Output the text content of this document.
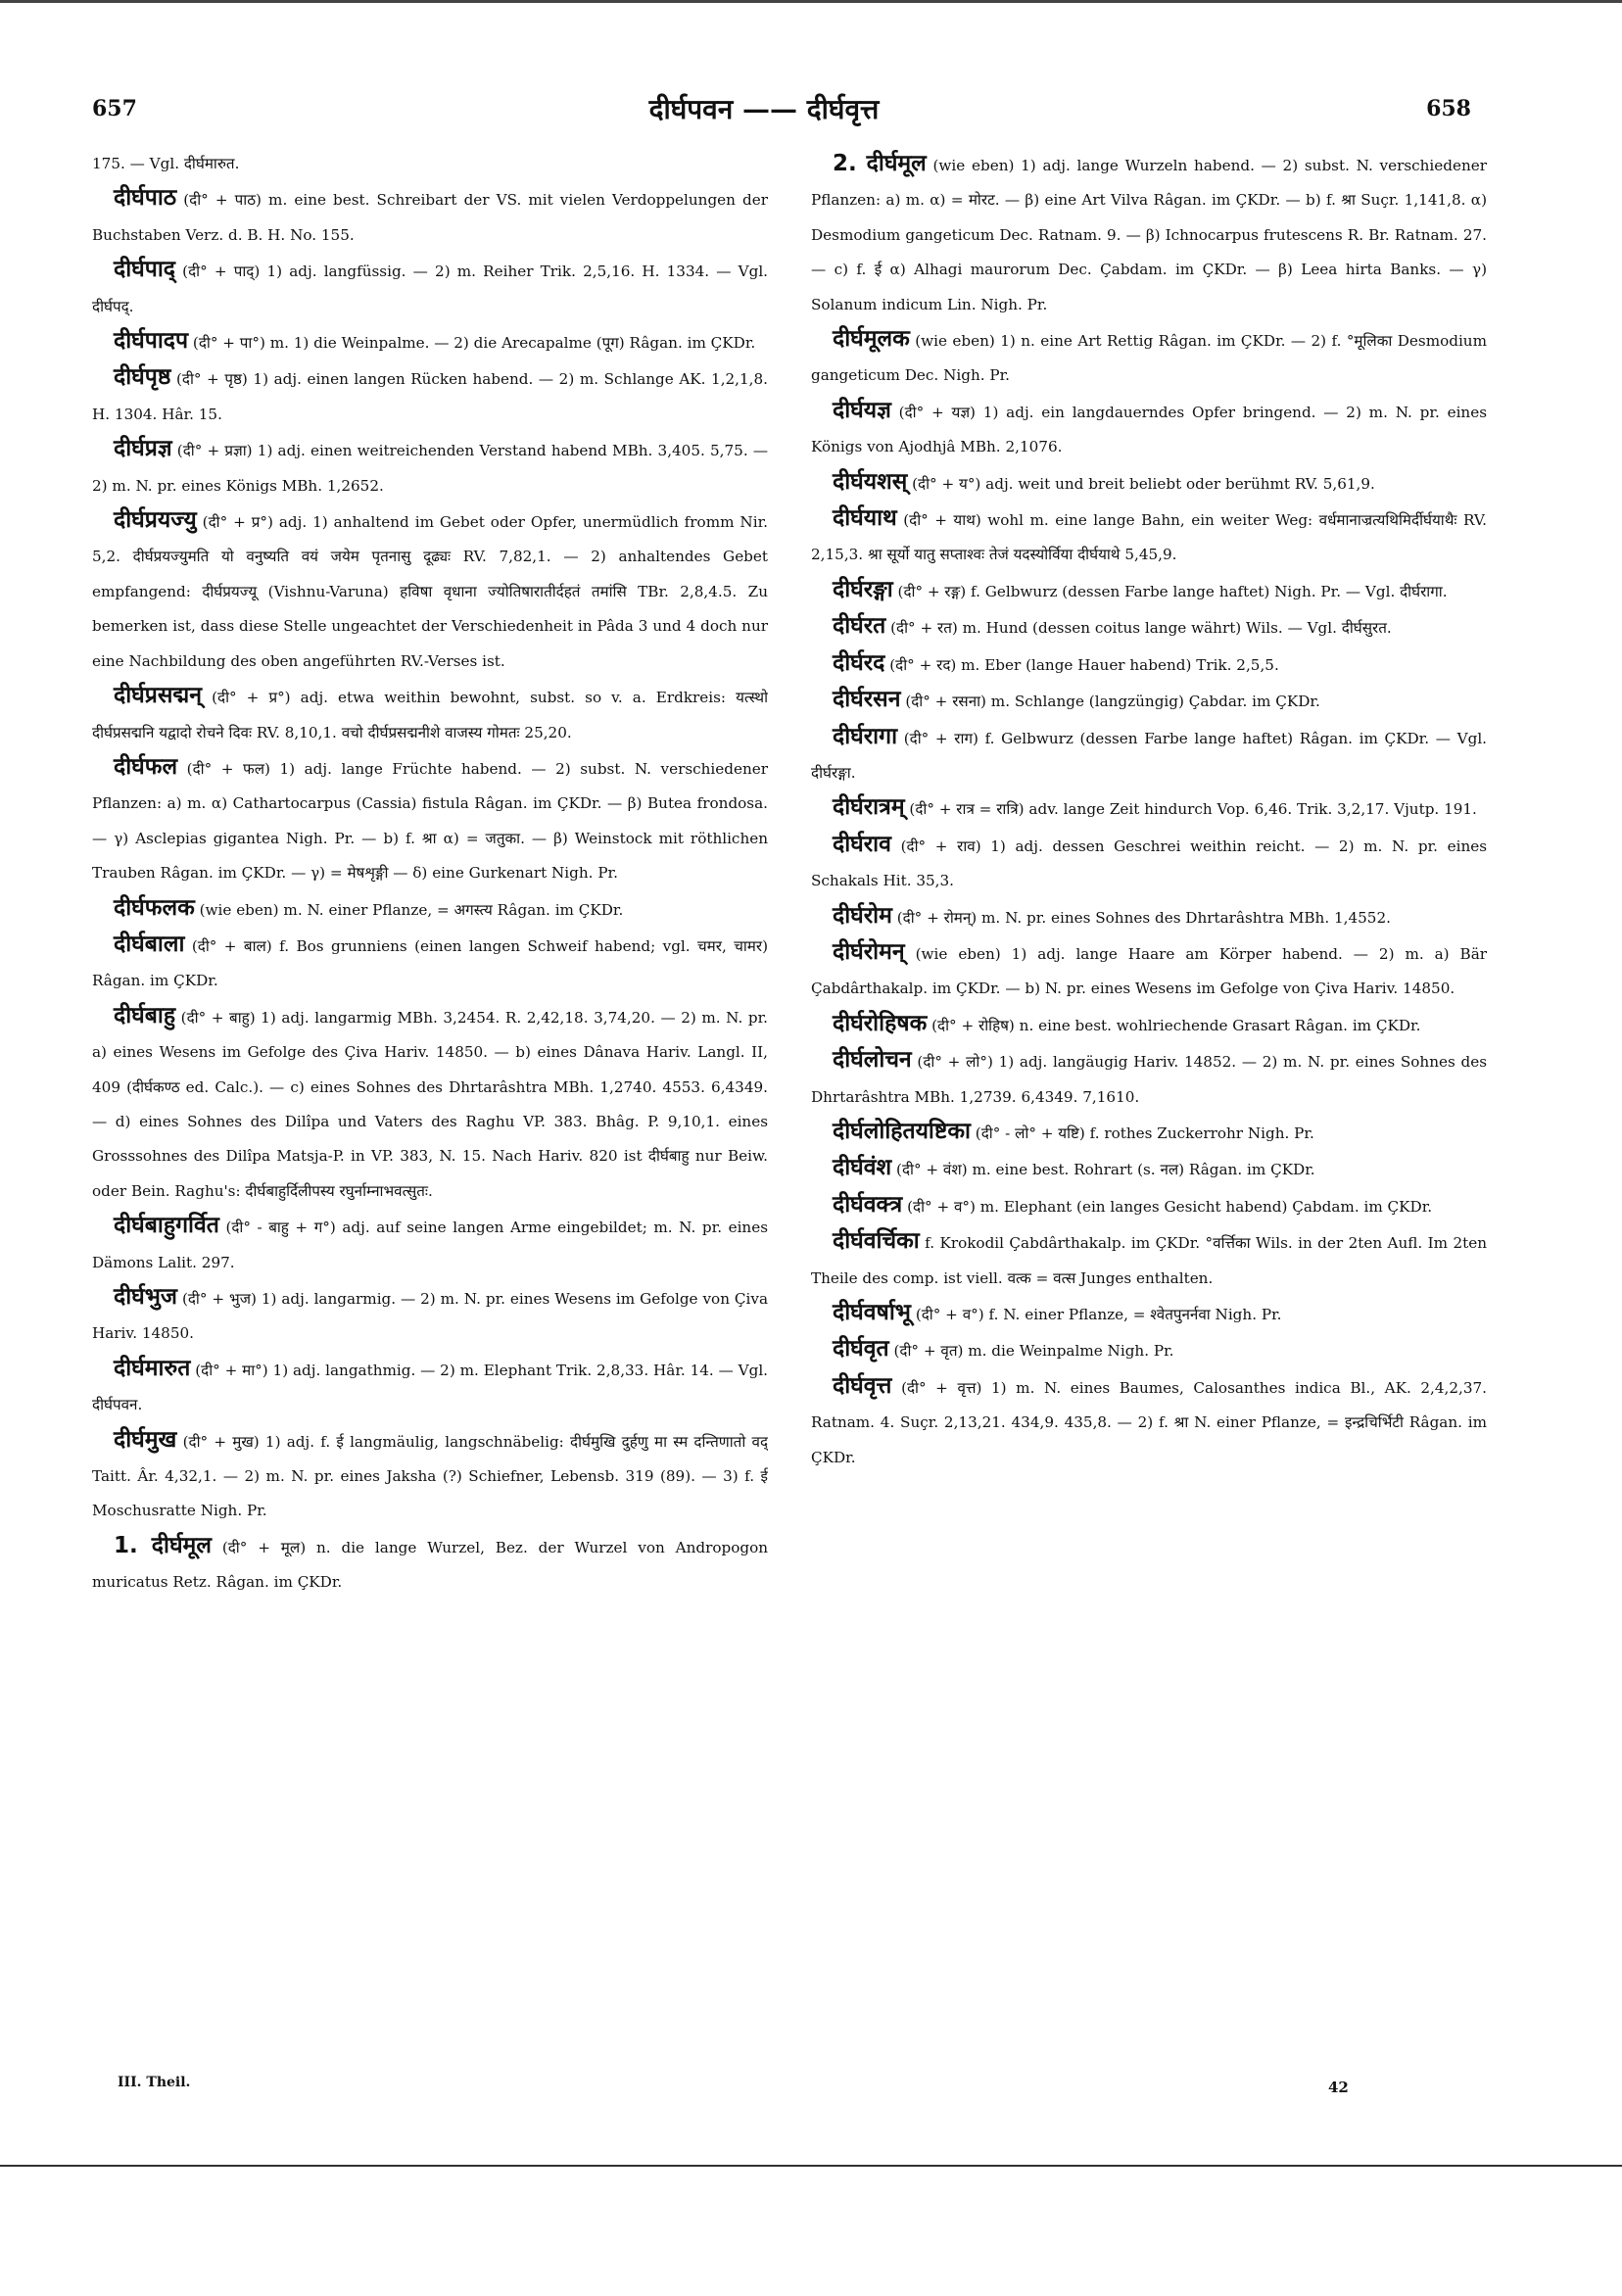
657	दीर्घपवन —— दीर्घवृत्त	658

175. — Vgl. दीर्घमारुत.

दीर्घपाठ (दी° + पाठ) m. eine best. Schreibart der VS. mit vielen Verdoppelungen der Buchstaben Verz. d. B. H. No. 155.

दीर्घपाद् (दी° + पाद्) 1) adj. langfüssig. — 2) m. Reiher Trik. 2,5,16. H. 1334. — Vgl. दीर्घपद्.

दीर्घपादप (दी° + पा°) m. 1) die Weinpalme. — 2) die Arecapalme (पूग) Râgan. im ÇKDr.

दीर्घपृष्ठ (दी° + पृष्ठ) 1) adj. einen langen Rücken habend. — 2) m. Schlange AK. 1,2,1,8. H. 1304. Hâr. 15.

दीर्घप्रज्ञ (दी° + प्रज्ञा) 1) adj. einen weitreichenden Verstand habend MBh. 3,405. 5,75. — 2) m. N. pr. eines Königs MBh. 1,2652.

दीर्घप्रयज्यु (दी° + प्र°) adj. 1) anhaltend im Gebet oder Opfer, unermüdlich fromm Nir. 5,2. दीर्घप्रयज्युमति यो वनुष्यति वयं जयेम पृतनासु दूढ्यः RV. 7,82,1. — 2) anhaltendes Gebet empfangend: दीर्घप्रयज्यू (Vishnu-Varuna) हविषा वृधाना ज्योतिषारातीर्दहतं तमांसि TBr. 2,8,4.5. Zu bemerken ist, dass diese Stelle ungeachtet der Verschiedenheit in Pâda 3 und 4 doch nur eine Nachbildung des oben angeführten RV.-Verses ist.

दीर्घप्रसद्मन् (दी° + प्र°) adj. etwa weithin bewohnt, subst. so v. a. Erdkreis: यत्स्थो दीर्घप्रसद्मनि यद्वादो रोचने दिवः RV. 8,10,1. वचो दीर्घप्रसद्मनीशे वाजस्य गोमतः 25,20.

दीर्घफल (दी° + फल) 1) adj. lange Früchte habend. — 2) subst. N. verschiedener Pflanzen: a) m. α) Cathartocarpus (Cassia) fistula Râgan. im ÇKDr. — β) Butea frondosa. — γ) Asclepias gigantea Nigh. Pr. — b) f. श्रा α) = जतुका. — β) Weinstock mit röthlichen Trauben Râgan. im ÇKDr. — γ) = मेषशृङ्गी — δ) eine Gurkenart Nigh. Pr.

दीर्घफलक (wie eben) m. N. einer Pflanze, = अगस्त्य Râgan. im ÇKDr.

दीर्घबाला (दी° + बाल) f. Bos grunniens (einen langen Schweif habend; vgl. चमर, चामर) Râgan. im ÇKDr.

दीर्घबाहु (दी° + बाहु) 1) adj. langarmig MBh. 3,2454. R. 2,42,18. 3,74,20. — 2) m. N. pr. a) eines Wesens im Gefolge des Çiva Hariv. 14850. — b) eines Dânava Hariv. Langl. II, 409 (दीर्घकण्ठ ed. Calc.). — c) eines Sohnes des Dhrtarâshtra MBh. 1,2740. 4553. 6,4349. — d) eines Sohnes des Dilîpa und Vaters des Raghu VP. 383. Bhâg. P. 9,10,1. eines Grosssohnes des Dilîpa Matsja-P. in VP. 383, N. 15. Nach Hariv. 820 ist दीर्घबाहु nur Beiw. oder Bein. Raghu's: दीर्घबाहुर्दिलीपस्य रघुर्नाम्नाभवत्सुतः.

दीर्घबाहुगर्वित (दी° - बाहु + ग°) adj. auf seine langen Arme eingebildet; m. N. pr. eines Dämons Lalit. 297.

दीर्घभुज (दी° + भुज) 1) adj. langarmig. — 2) m. N. pr. eines Wesens im Gefolge von Çiva Hariv. 14850.

दीर्घमारुत (दी° + मा°) 1) adj. langathmig. — 2) m. Elephant Trik. 2,8,33. Hâr. 14. — Vgl. दीर्घपवन.

दीर्घमुख (दी° + मुख) 1) adj. f. ई langmäulig, langschnäbelig: दीर्घमुखि दुर्हणु मा स्म दन्तिणातो वद् Taitt. Âr. 4,32,1. — 2) m. N. pr. eines Jaksha (?) Schiefner, Lebensb. 319 (89). — 3) f. ई Moschusratte Nigh. Pr.

1. दीर्घमूल (दी° + मूल) n. die lange Wurzel, Bez. der Wurzel von Andropogon muricatus Retz. Râgan. im ÇKDr.

2. दीर्घमूल (wie eben) 1) adj. lange Wurzeln habend. — 2) subst. N. verschiedener Pflanzen: a) m. α) = मोरट. — β) eine Art Vilva Râgan. im ÇKDr. — b) f. श्रा Suçr. 1,141,8. α) Desmodium gangeticum Dec. Ratnam. 9. — β) Ichnocarpus frutescens R. Br. Ratnam. 27. — c) f. ई α) Alhagi maurorum Dec. Çabdam. im ÇKDr. — β) Leea hirta Banks. — γ) Solanum indicum Lin. Nigh. Pr.

दीर्घमूलक (wie eben) 1) n. eine Art Rettig Râgan. im ÇKDr. — 2) f. °मूलिका Desmodium gangeticum Dec. Nigh. Pr.

दीर्घयज्ञ (दी° + यज्ञ) 1) adj. ein langdauerndes Opfer bringend. — 2) m. N. pr. eines Königs von Ajodhjâ MBh. 2,1076.

दीर्घयशस् (दी° + य°) adj. weit und breit beliebt oder berühmt RV. 5,61,9.

दीर्घयाथ (दी° + याथ) wohl m. eine lange Bahn, ein weiter Weg: वर्धमानाज्रत्यथिमिर्दीर्घयाथैः RV. 2,15,3. श्रा सूर्यो यातु सप्ताश्वः तेजं यदस्योर्विया दीर्घयाथे 5,45,9.

दीर्घरङ्गा (दी° + रङ्ग) f. Gelbwurz (dessen Farbe lange haftet) Nigh. Pr. — Vgl. दीर्घरागा.

दीर्घरत (दी° + रत) m. Hund (dessen coitus lange währt) Wils. — Vgl. दीर्घसुरत.

दीर्घरद (दी° + रद) m. Eber (lange Hauer habend) Trik. 2,5,5.

दीर्घरसन (दी° + रसना) m. Schlange (langzüngig) Çabdar. im ÇKDr.

दीर्घरागा (दी° + राग) f. Gelbwurz (dessen Farbe lange haftet) Râgan. im ÇKDr. — Vgl. दीर्घरङ्गा.

दीर्घरात्रम् (दी° + रात्र = रात्रि) adv. lange Zeit hindurch Vop. 6,46. Trik. 3,2,17. Vjutp. 191.

दीर्घराव (दी° + राव) 1) adj. dessen Geschrei weithin reicht. — 2) m. N. pr. eines Schakals Hit. 35,3.

दीर्घरोम (दी° + रोमन्) m. N. pr. eines Sohnes des Dhrtarâshtra MBh. 1,4552.

दीर्घरोमन् (wie eben) 1) adj. lange Haare am Körper habend. — 2) m. a) Bär Çabdârthakalp. im ÇKDr. — b) N. pr. eines Wesens im Gefolge von Çiva Hariv. 14850.

दीर्घरोहिषक (दी° + रोहिष) n. eine best. wohlriechende Grasart Râgan. im ÇKDr.

दीर्घलोचन (दी° + लो°) 1) adj. langäugig Hariv. 14852. — 2) m. N. pr. eines Sohnes des Dhrtarâshtra MBh. 1,2739. 6,4349. 7,1610.

दीर्घलोहितयष्टिका (दी° - लो° + यष्टि) f. rothes Zuckerrohr Nigh. Pr.

दीर्घवंश (दी° + वंश) m. eine best. Rohrart (s. नल) Râgan. im ÇKDr.

दीर्घवक्त्र (दी° + व°) m. Elephant (ein langes Gesicht habend) Çabdam. im ÇKDr.

दीर्घवर्चिका f. Krokodil Çabdârthakalp. im ÇKDr. °वर्त्तिका Wils. in der 2ten Aufl. Im 2ten Theile des comp. ist viell. वत्क = वत्स Junges enthalten.

दीर्घवर्षाभू (दी° + व°) f. N. einer Pflanze, = श्वेतपुनर्नवा Nigh. Pr.

दीर्घवृत (दी° + वृत) m. die Weinpalme Nigh. Pr.

दीर्घवृत्त (दी° + वृत्त) 1) m. N. eines Baumes, Calosanthes indica Bl., AK. 2,4,2,37. Ratnam. 4. Suçr. 2,13,21. 434,9. 435,8. — 2) f. श्रा N. einer Pflanze, = इन्द्रचिर्भिटी Râgan. im ÇKDr.

III. Theil.	42
